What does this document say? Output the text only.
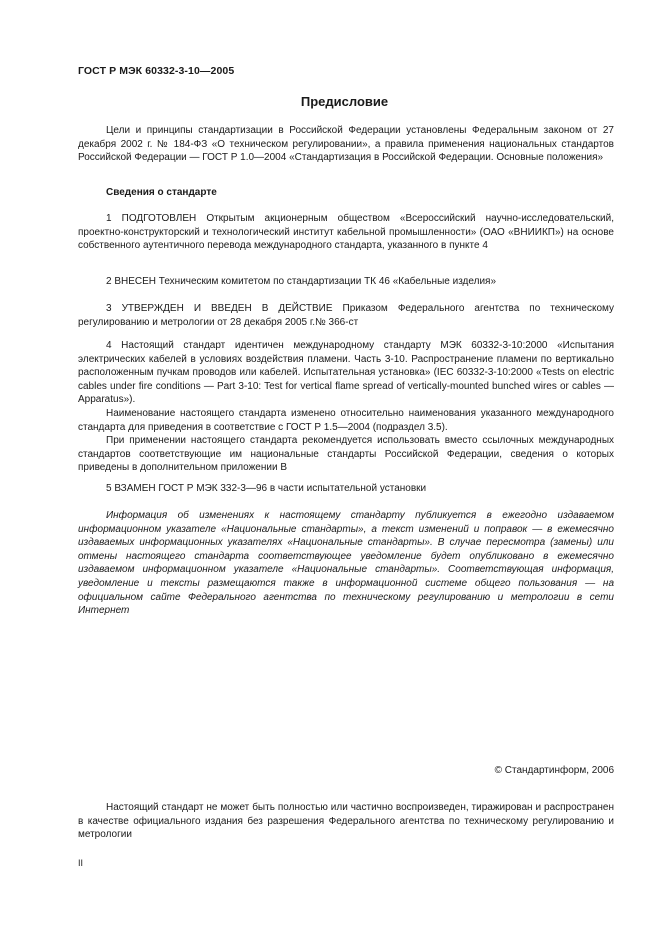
ГОСТ Р МЭК 60332-3-10—2005
Предисловие

Цели и принципы стандартизации в Российской Федерации установлены Федеральным законом от 27 декабря 2002 г. № 184-ФЗ «О техническом регулировании», а правила применения национальных стандартов Российской Федерации — ГОСТ Р 1.0—2004 «Стандартизация в Российской Федерации. Основные положения»

Сведения о стандарте

1 ПОДГОТОВЛЕН Открытым акционерным обществом «Всероссийский научно-исследовательский, проектно-конструкторский и технологический институт кабельной промышленности» (ОАО «ВНИИКП») на основе собственного аутентичного перевода международного стандарта, указанного в пункте 4

2 ВНЕСЕН Техническим комитетом по стандартизации ТК 46 «Кабельные изделия»

3 УТВЕРЖДЕН И ВВЕДЕН В ДЕЙСТВИЕ Приказом Федерального агентства по техническому регулированию и метрологии от 28 декабря 2005 г.№ 366-ст

4 Настоящий стандарт идентичен международному стандарту МЭК 60332-3-10:2000 «Испытания электрических кабелей в условиях воздействия пламени. Часть 3-10. Распространение пламени по вертикально расположенным пучкам проводов или кабелей. Испытательная установка» (IEC 60332-3-10:2000 «Tests on electric cables under fire conditions — Part 3-10: Test for vertical flame spread of vertically-mounted bunched wires or cables — Apparatus»).

Наименование настоящего стандарта изменено относительно наименования указанного международного стандарта для приведения в соответствие с ГОСТ Р 1.5—2004 (подраздел 3.5).

При применении настоящего стандарта рекомендуется использовать вместо ссылочных международных стандартов соответствующие им национальные стандарты Российской Федерации, сведения о которых приведены в дополнительном приложении В

5 ВЗАМЕН ГОСТ Р МЭК 332-3—96 в части испытательной установки

Информация об изменениях к настоящему стандарту публикуется в ежегодно издаваемом информационном указателе «Национальные стандарты», а текст изменений и поправок — в ежемесячно издаваемых информационных указателях «Национальные стандарты». В случае пересмотра (замены) или отмены настоящего стандарта соответствующее уведомление будет опубликовано в ежемесячно издаваемом информационном указателе «Национальные стандарты». Соответствующая информация, уведомление и тексты размещаются также в информационной системе общего пользования — на официальном сайте Федерального агентства по техническому регулированию и метрологии в сети Интернет

© Стандартинформ, 2006

Настоящий стандарт не может быть полностью или частично воспроизведен, тиражирован и распространен в качестве официального издания без разрешения Федерального агентства по техническому регулированию и метрологии

II
